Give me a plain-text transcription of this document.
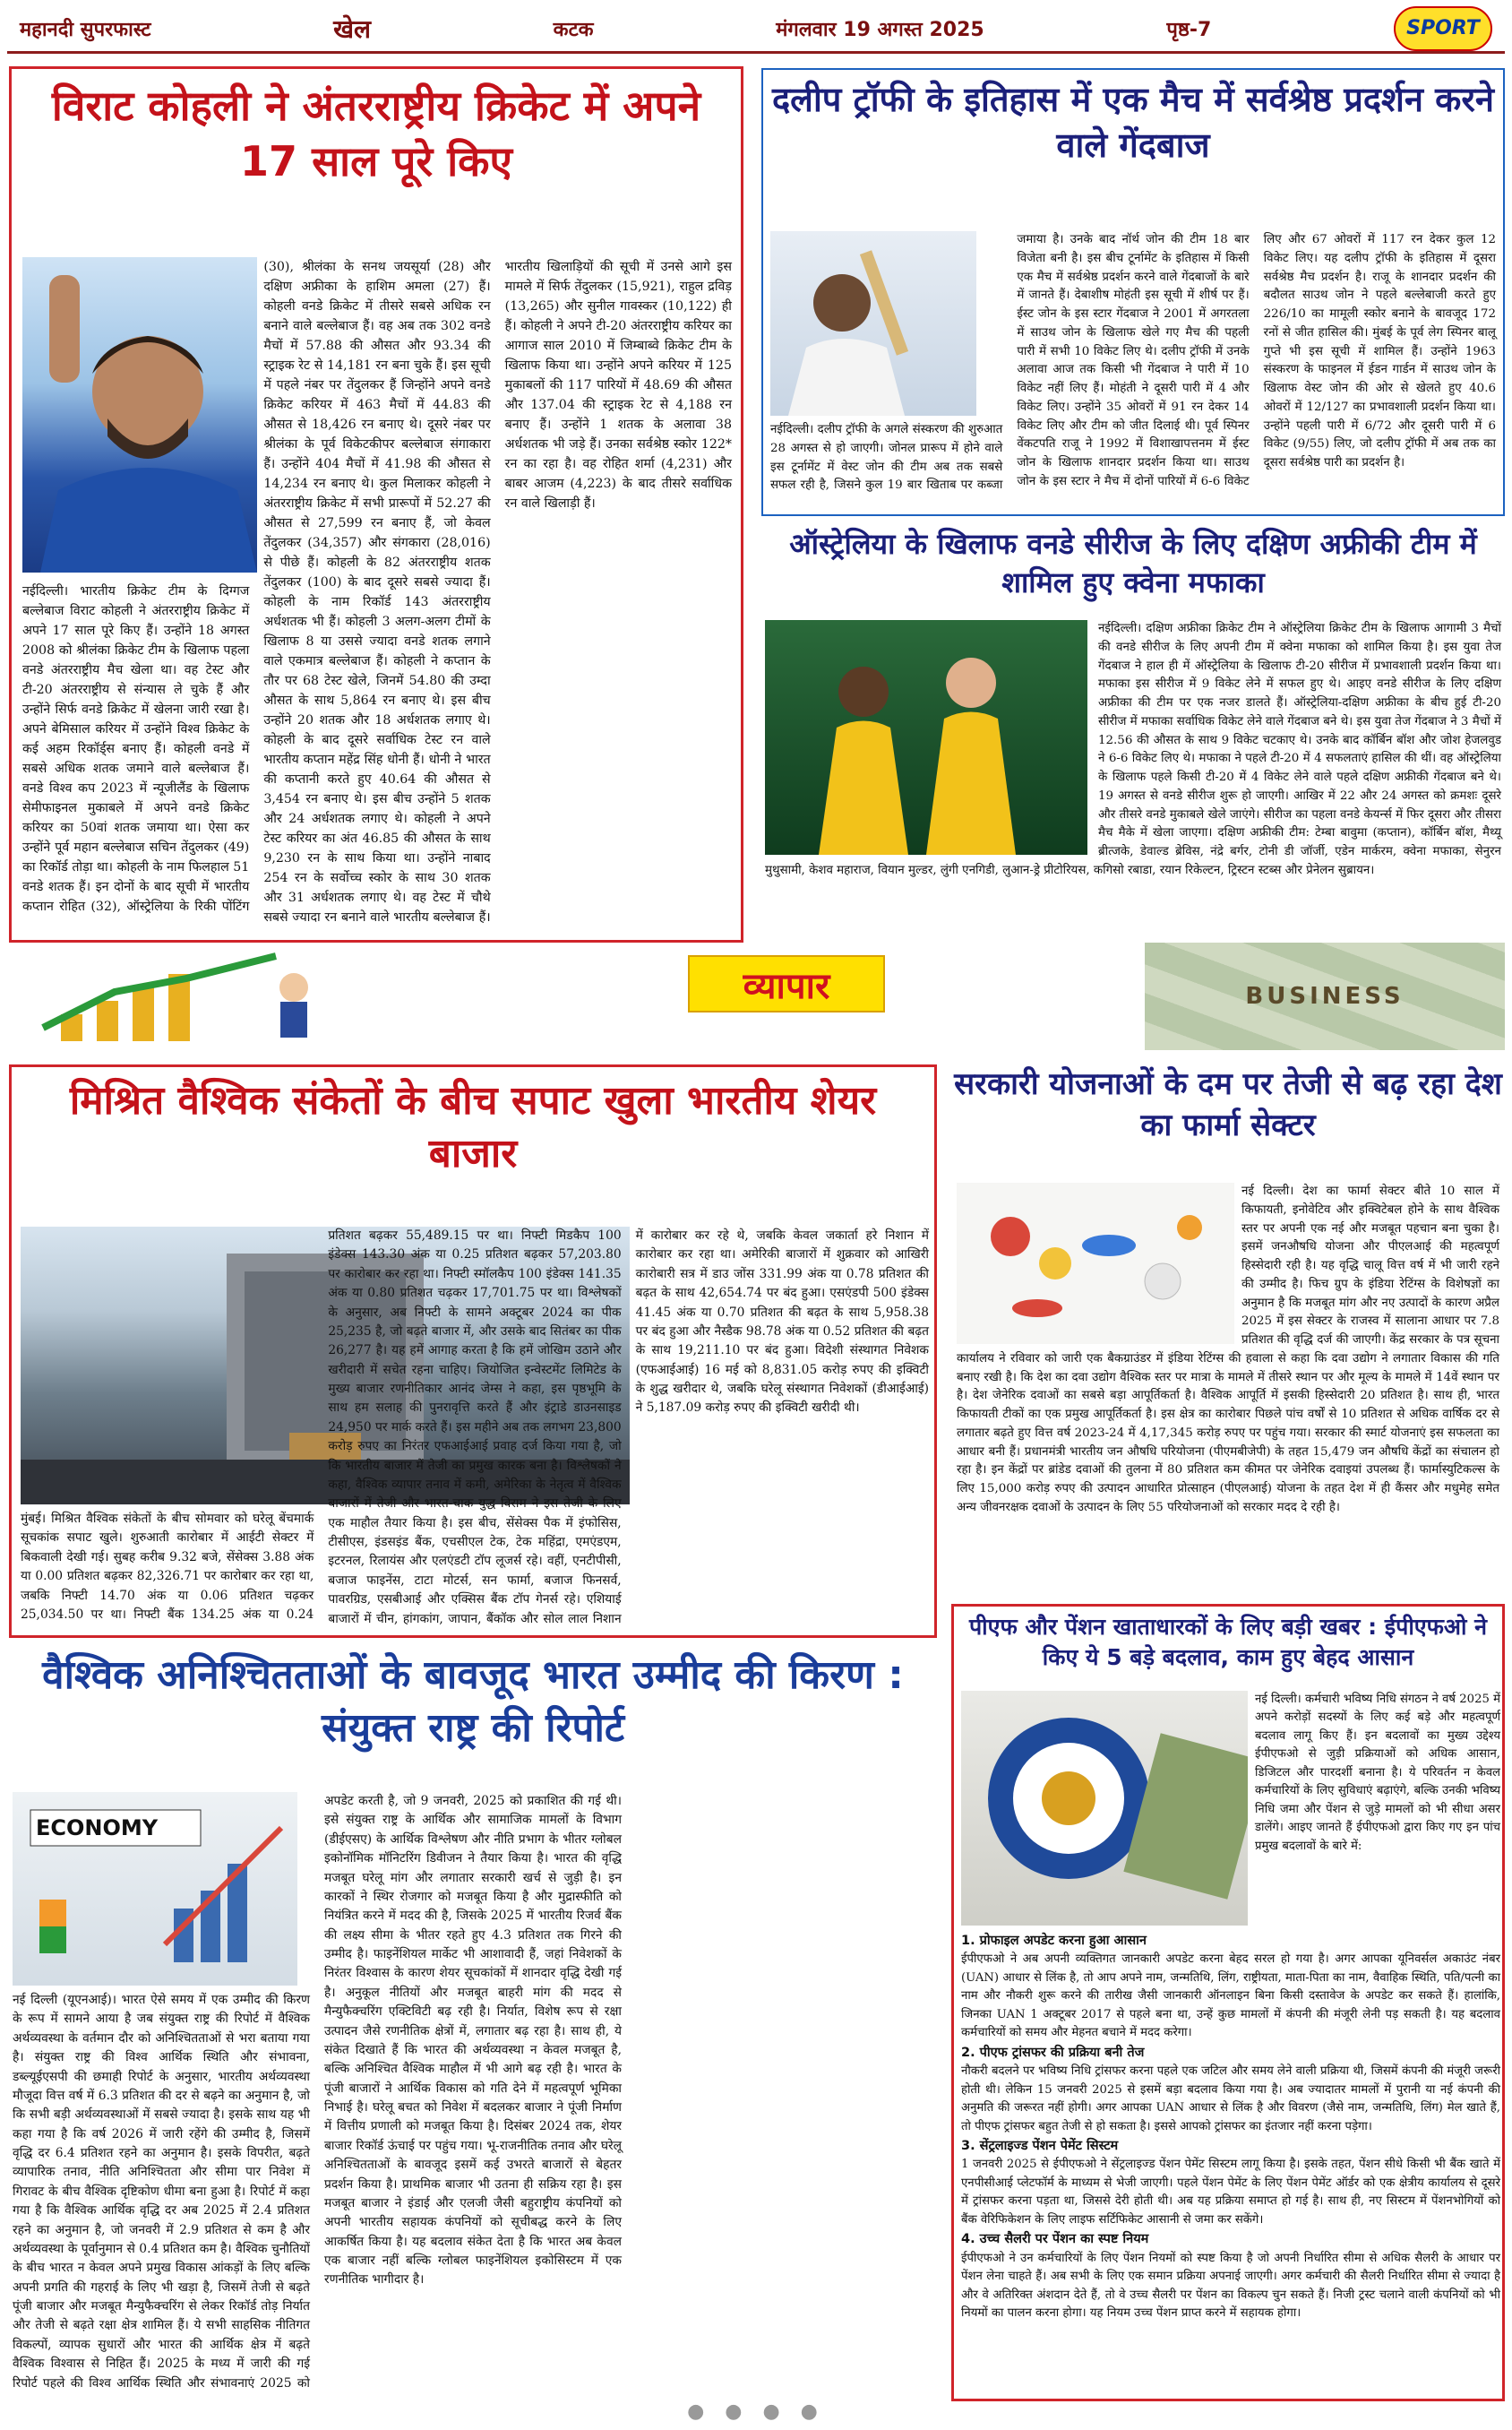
महानदी सुपरफास्ट	खेल	कटक	मंगलवार 19 अगस्त 2025	पृष्ठ-7	SPORT
विराट कोहली ने अंतरराष्ट्रीय क्रिकेट में अपने 17 साल पूरे किए

नईदिल्ली। भारतीय क्रिकेट टीम के दिग्गज बल्लेबाज विराट कोहली ने अंतरराष्ट्रीय क्रिकेट में अपने 17 साल पूरे किए हैं। उन्होंने 18 अगस्त 2008 को श्रीलंका क्रिकेट टीम के खिलाफ पहला वनडे अंतरराष्ट्रीय मैच खेला था। वह टेस्ट और टी-20 अंतरराष्ट्रीय से संन्यास ले चुके हैं और उन्होंने सिर्फ वनडे क्रिकेट में खेलना जारी रखा है। अपने बेमिसाल करियर में उन्होंने विश्व क्रिकेट के कई अहम रिकॉर्ड्स बनाए हैं। कोहली वनडे में सबसे अधिक शतक जमाने वाले बल्लेबाज हैं। वनडे विश्व कप 2023 में न्यूजीलैंड के खिलाफ सेमीफाइनल मुकाबले में अपने वनडे क्रिकेट करियर का 50वां शतक जमाया था। ऐसा कर उन्होंने पूर्व महान बल्लेबाज सचिन तेंदुलकर (49) का रिकॉर्ड तोड़ा था। कोहली के नाम फिलहाल 51 वनडे शतक हैं। इन दोनों के बाद सूची में भारतीय कप्तान रोहित (32), ऑस्ट्रेलिया के रिकी पोंटिंग (30), श्रीलंका के सनथ जयसूर्या (28) और दक्षिण अफ्रीका के हाशिम अमला (27) हैं। कोहली वनडे क्रिकेट में तीसरे सबसे अधिक रन बनाने वाले बल्लेबाज हैं। वह अब तक 302 वनडे मैचों में 57.88 की औसत और 93.34 की स्ट्राइक रेट से 14,181 रन बना चुके हैं। इस सूची में पहले नंबर पर तेंदुलकर हैं जिन्होंने अपने वनडे क्रिकेट करियर में 463 मैचों में 44.83 की औसत से 18,426 रन बनाए थे। दूसरे नंबर पर श्रीलंका के पूर्व विकेटकीपर बल्लेबाज संगाकारा हैं। उन्होंने 404 मैचों में 41.98 की औसत से 14,234 रन बनाए थे। कुल मिलाकर कोहली ने अंतरराष्ट्रीय क्रिकेट में सभी प्रारूपों में 52.27 की औसत से 27,599 रन बनाए हैं, जो केवल तेंदुलकर (34,357) और संगकारा (28,016) से पीछे हैं। कोहली के 82 अंतरराष्ट्रीय शतक तेंदुलकर (100) के बाद दूसरे सबसे ज्यादा हैं। कोहली के नाम रिकॉर्ड 143 अंतरराष्ट्रीय अर्धशतक भी हैं। कोहली 3 अलग-अलग टीमों के खिलाफ 8 या उससे ज्यादा वनडे शतक लगाने वाले एकमात्र बल्लेबाज हैं। कोहली ने कप्तान के तौर पर 68 टेस्ट खेले, जिनमें 54.80 की उम्दा औसत के साथ 5,864 रन बनाए थे। इस बीच उन्होंने 20 शतक और 18 अर्धशतक लगाए थे। कोहली के बाद दूसरे सर्वाधिक टेस्ट रन वाले भारतीय कप्तान महेंद्र सिंह धोनी हैं। धोनी ने भारत की कप्तानी करते हुए 40.64 की औसत से 3,454 रन बनाए थे। इस बीच उन्होंने 5 शतक और 24 अर्धशतक लगाए थे। कोहली ने अपने टेस्ट करियर का अंत 46.85 की औसत के साथ 9,230 रन के साथ किया था। उन्होंने नाबाद 254 रन के सर्वोच्च स्कोर के साथ 30 शतक और 31 अर्धशतक लगाए थे। वह टेस्ट में चौथे सबसे ज्यादा रन बनाने वाले भारतीय बल्लेबाज हैं। भारतीय खिलाड़ियों की सूची में उनसे आगे इस मामले में सिर्फ तेंदुलकर (15,921), राहुल द्रविड़ (13,265) और सुनील गावस्कर (10,122) ही हैं। कोहली ने अपने टी-20 अंतरराष्ट्रीय करियर का आगाज साल 2010 में जिम्बाब्वे क्रिकेट टीम के खिलाफ किया था। उन्होंने अपने करियर में 125 मुकाबलों की 117 पारियों में 48.69 की औसत और 137.04 की स्ट्राइक रेट से 4,188 रन बनाए हैं। उन्होंने 1 शतक के अलावा 38 अर्धशतक भी जड़े हैं। उनका सर्वश्रेष्ठ स्कोर 122* रन का रहा है। वह रोहित शर्मा (4,231) और बाबर आजम (4,223) के बाद तीसरे सर्वाधिक रन वाले खिलाड़ी हैं।

दलीप ट्रॉफी के इतिहास में एक मैच में सर्वश्रेष्ठ प्रदर्शन करने वाले गेंदबाज

नईदिल्ली। दलीप ट्रॉफी के अगले संस्करण की शुरुआत 28 अगस्त से हो जाएगी। जोनल प्रारूप में होने वाले इस टूर्नामेंट में वेस्ट जोन की टीम अब तक सबसे सफल रही है, जिसने कुल 19 बार खिताब पर कब्जा जमाया है। उनके बाद नॉर्थ जोन की टीम 18 बार विजेता बनी है। इस बीच टूर्नामेंट के इतिहास में किसी एक मैच में सर्वश्रेष्ठ प्रदर्शन करने वाले गेंदबाजों के बारे में जानते हैं। देबाशीष मोहंती इस सूची में शीर्ष पर हैं। ईस्ट जोन के इस स्टार गेंदबाज ने 2001 में अगरतला में साउथ जोन के खिलाफ खेले गए मैच की पहली पारी में सभी 10 विकेट लिए थे। दलीप ट्रॉफी में उनके अलावा आज तक किसी भी गेंदबाज ने पारी में 10 विकेट नहीं लिए हैं। मोहंती ने दूसरी पारी में 4 और विकेट लिए। उन्होंने 35 ओवरों में 91 रन देकर 14 विकेट लिए और टीम को जीत दिलाई थी। पूर्व स्पिनर वेंकटपति राजू ने 1992 में विशाखापत्तनम में ईस्ट जोन के खिलाफ शानदार प्रदर्शन किया था। साउथ जोन के इस स्टार ने मैच में दोनों पारियों में 6-6 विकेट लिए और 67 ओवरों में 117 रन देकर कुल 12 विकेट लिए। यह दलीप ट्रॉफी के इतिहास में दूसरा सर्वश्रेष्ठ मैच प्रदर्शन है। राजू के शानदार प्रदर्शन की बदौलत साउथ जोन ने पहले बल्लेबाजी करते हुए 226/10 का मामूली स्कोर बनाने के बावजूद 172 रनों से जीत हासिल की। मुंबई के पूर्व लेग स्पिनर बालू गुप्ते भी इस सूची में शामिल हैं। उन्होंने 1963 संस्करण के फाइनल में ईडन गार्डन में साउथ जोन के खिलाफ वेस्ट जोन की ओर से खेलते हुए 40.6 ओवरों में 12/127 का प्रभावशाली प्रदर्शन किया था। उन्होंने पहली पारी में 6/72 और दूसरी पारी में 6 विकेट (9/55) लिए, जो दलीप ट्रॉफी में अब तक का दूसरा सर्वश्रेष्ठ पारी का प्रदर्शन है।

ऑस्ट्रेलिया के खिलाफ वनडे सीरीज के लिए दक्षिण अफ्रीकी टीम में शामिल हुए क्वेना मफाका

नईदिल्ली। दक्षिण अफ्रीका क्रिकेट टीम ने ऑस्ट्रेलिया क्रिकेट टीम के खिलाफ आगामी 3 मैचों की वनडे सीरीज के लिए अपनी टीम में क्वेना मफाका को शामिल किया है। इस युवा तेज गेंदबाज ने हाल ही में ऑस्ट्रेलिया के खिलाफ टी-20 सीरीज में प्रभावशाली प्रदर्शन किया था। मफाका इस सीरीज में 9 विकेट लेने में सफल हुए थे। आइए वनडे सीरीज के लिए दक्षिण अफ्रीका की टीम पर एक नजर डालते हैं। ऑस्ट्रेलिया-दक्षिण अफ्रीका के बीच हुई टी-20 सीरीज में मफाका सर्वाधिक विकेट लेने वाले गेंदबाज बने थे। इस युवा तेज गेंदबाज ने 3 मैचों में 12.56 की औसत के साथ 9 विकेट चटकाए थे। उनके बाद कॉर्बिन बॉश और जोश हेजलवुड ने 6-6 विकेट लिए थे। मफाका ने पहले टी-20 में 4 सफलताएं हासिल की थीं। वह ऑस्ट्रेलिया के खिलाफ पहले किसी टी-20 में 4 विकेट लेने वाले पहले दक्षिण अफ्रीकी गेंदबाज बने थे। 19 अगस्त से वनडे सीरीज शुरू हो जाएगी। आखिर में 22 और 24 अगस्त को क्रमशः दूसरे और तीसरे वनडे मुकाबले खेले जाएंगे। सीरीज का पहला वनडे केयर्न्स में फिर दूसरा और तीसरा मैच मैके में खेला जाएगा। दक्षिण अफ्रीकी टीम: टेम्बा बावुमा (कप्तान), कॉर्बिन बॉश, मैथ्यू ब्रीत्जके, डेवाल्ड ब्रेविस, नंद्रे बर्गर, टोनी डी जॉर्जी, एडेन मार्करम, क्वेना मफाका, सेनुरन मुथुसामी, केशव महाराज, वियान मुल्डर, लुंगी एनगिडी, लुआन-ड्रे प्रीटोरियस, कगिसो रबाडा, रयान रिकेल्टन, ट्रिस्टन स्टब्स और प्रेनेलन सुब्रायन।

व्यापार	BUSINESS
मिश्रित वैश्विक संकेतों के बीच सपाट खुला भारतीय शेयर बाजार

मुंबई। मिश्रित वैश्विक संकेतों के बीच सोमवार को घरेलू बेंचमार्क सूचकांक सपाट खुले। शुरुआती कारोबार में आईटी सेक्टर में बिकवाली देखी गई। सुबह करीब 9.32 बजे, सेंसेक्स 3.88 अंक या 0.00 प्रतिशत बढ़कर 82,326.71 पर कारोबार कर रहा था, जबकि निफ्टी 14.70 अंक या 0.06 प्रतिशत चढ़कर 25,034.50 पर था। निफ्टी बैंक 134.25 अंक या 0.24 प्रतिशत बढ़कर 55,489.15 पर था। निफ्टी मिडकैप 100 इंडेक्स 143.30 अंक या 0.25 प्रतिशत बढ़कर 57,203.80 पर कारोबार कर रहा था। निफ्टी स्मॉलकैप 100 इंडेक्स 141.35 अंक या 0.80 प्रतिशत चढ़कर 17,701.75 पर था। विश्लेषकों के अनुसार, अब निफ्टी के सामने अक्टूबर 2024 का पीक 25,235 है, जो बढ़ते बाजार में, और उसके बाद सितंबर का पीक 26,277 है। यह हमें आगाह करता है कि हमें जोखिम उठाने और खरीदारी में सचेत रहना चाहिए। जियोजित इन्वेस्टमेंट लिमिटेड के मुख्य बाजार रणनीतिकार आनंद जेम्स ने कहा, इस पृष्ठभूमि के साथ हम सलाह की पुनरावृत्ति करते हैं और इंट्राडे डाउनसाइड 24,950 पर मार्क करते हैं। इस महीने अब तक लगभग 23,800 करोड़ रुपए का निरंतर एफआईआई प्रवाह दर्ज किया गया है, जो कि भारतीय बाजार में तेजी का प्रमुख कारक बना है। विश्लेषकों ने कहा, वैश्विक व्यापार तनाव में कमी, अमेरिका के नेतृत्व में वैश्विक बाजारों में तेजी और भारत-चाक युद्ध विराम ने इस तेजी के लिए एक माहौल तैयार किया है। इस बीच, सेंसेक्स पैक में इंफोसिस, टीसीएस, इंडसइंड बैंक, एचसीएल टेक, टेक महिंद्रा, एमएंडएम, इटरनल, रिलायंस और एलएंडटी टॉप लूजर्स रहे। वहीं, एनटीपीसी, बजाज फाइनेंस, टाटा मोटर्स, सन फार्मा, बजाज फिनसर्व, पावरग्रिड, एसबीआई और एक्सिस बैंक टॉप गेनर्स रहे। एशियाई बाजारों में चीन, हांगकांग, जापान, बैंकॉक और सोल लाल निशान में कारोबार कर रहे थे, जबकि केवल जकार्ता हरे निशान में कारोबार कर रहा था। अमेरिकी बाजारों में शुक्रवार को आखिरी कारोबारी सत्र में डाउ जोंस 331.99 अंक या 0.78 प्रतिशत की बढ़त के साथ 42,654.74 पर बंद हुआ। एसएंडपी 500 इंडेक्स 41.45 अंक या 0.70 प्रतिशत की बढ़त के साथ 5,958.38 पर बंद हुआ और नैस्डैक 98.78 अंक या 0.52 प्रतिशत की बढ़त के साथ 19,211.10 पर बंद हुआ। विदेशी संस्थागत निवेशक (एफआईआई) 16 मई को 8,831.05 करोड़ रुपए की इक्विटी के शुद्ध खरीदार थे, जबकि घरेलू संस्थागत निवेशकों (डीआईआई) ने 5,187.09 करोड़ रुपए की इक्विटी खरीदी थी।

सरकारी योजनाओं के दम पर तेजी से बढ़ रहा देश का फार्मा सेक्टर

नई दिल्ली। देश का फार्मा सेक्टर बीते 10 साल में किफायती, इनोवेटिव और इक्विटेबल होने के साथ वैश्विक स्तर पर अपनी एक नई और मजबूत पहचान बना चुका है। इसमें जनऔषधि योजना और पीएलआई की महत्वपूर्ण हिस्सेदारी रही है। यह वृद्धि चालू वित्त वर्ष में भी जारी रहने की उम्मीद है। फिच ग्रुप के इंडिया रेटिंग्स के विशेषज्ञों का अनुमान है कि मजबूत मांग और नए उत्पादों के कारण अप्रैल 2025 में इस सेक्टर के राजस्व में सालाना आधार पर 7.8 प्रतिशत की वृद्धि दर्ज की जाएगी। केंद्र सरकार के पत्र सूचना कार्यालय ने रविवार को जारी एक बैकग्राउंडर में इंडिया रेटिंग्स की हवाला से कहा कि दवा उद्योग ने लगातार विकास की गति बनाए रखी है। कि देश का दवा उद्योग वैश्विक स्तर पर मात्रा के मामले में तीसरे स्थान पर और मूल्य के मामले में 14वें स्थान पर है। देश जेनेरिक दवाओं का सबसे बड़ा आपूर्तिकर्ता है। वैश्विक आपूर्ति में इसकी हिस्सेदारी 20 प्रतिशत है। साथ ही, भारत किफायती टीकों का एक प्रमुख आपूर्तिकर्ता है। इस क्षेत्र का कारोबार पिछले पांच वर्षों से 10 प्रतिशत से अधिक वार्षिक दर से लगातार बढ़ते हुए वित्त वर्ष 2023-24 में 4,17,345 करोड़ रुपए पर पहुंच गया। सरकार की स्मार्ट योजनाएं इस सफलता का आधार बनी हैं। प्रधानमंत्री भारतीय जन औषधि परियोजना (पीएमबीजेपी) के तहत 15,479 जन औषधि केंद्रों का संचालन हो रहा है। इन केंद्रों पर ब्रांडेड दवाओं की तुलना में 80 प्रतिशत कम कीमत पर जेनेरिक दवाइयां उपलब्ध हैं। फार्मास्युटिकल्स के लिए 15,000 करोड़ रुपए की उत्पादन आधारित प्रोत्साहन (पीएलआई) योजना के तहत देश में ही कैंसर और मधुमेह समेत अन्य जीवनरक्षक दवाओं के उत्पादन के लिए 55 परियोजनाओं को सरकार मदद दे रही है।

पीएफ और पेंशन खाताधारकों के लिए बड़ी खबर : ईपीएफओ ने किए ये 5 बड़े बदलाव, काम हुए बेहद आसान

नई दिल्ली। कर्मचारी भविष्य निधि संगठन ने वर्ष 2025 में अपने करोड़ों सदस्यों के लिए कई बड़े और महत्वपूर्ण बदलाव लागू किए हैं। इन बदलावों का मुख्य उद्देश्य ईपीएफओ से जुड़ी प्रक्रियाओं को अधिक आसान, डिजिटल और पारदर्शी बनाना है। ये परिवर्तन न केवल कर्मचारियों के लिए सुविधाएं बढ़ाएंगे, बल्कि उनकी भविष्य निधि जमा और पेंशन से जुड़े मामलों को भी सीधा असर डालेंगे। आइए जानते हैं ईपीएफओ द्वारा किए गए इन पांच प्रमुख बदलावों के बारे में:

1. प्रोफाइल अपडेट करना हुआ आसान

ईपीएफओ ने अब अपनी व्यक्तिगत जानकारी अपडेट करना बेहद सरल हो गया है। अगर आपका यूनिवर्सल अकाउंट नंबर (UAN) आधार से लिंक है, तो आप अपने नाम, जन्मतिथि, लिंग, राष्ट्रीयता, माता-पिता का नाम, वैवाहिक स्थिति, पति/पत्नी का नाम और नौकरी शुरू करने की तारीख जैसी जानकारी ऑनलाइन बिना किसी दस्तावेज के अपडेट कर सकते हैं। हालांकि, जिनका UAN 1 अक्टूबर 2017 से पहले बना था, उन्हें कुछ मामलों में कंपनी की मंजूरी लेनी पड़ सकती है। यह बदलाव कर्मचारियों को समय और मेहनत बचाने में मदद करेगा।

2. पीएफ ट्रांसफर की प्रक्रिया बनी तेज

नौकरी बदलने पर भविष्य निधि ट्रांसफर करना पहले एक जटिल और समय लेने वाली प्रक्रिया थी, जिसमें कंपनी की मंजूरी जरूरी होती थी। लेकिन 15 जनवरी 2025 से इसमें बड़ा बदलाव किया गया है। अब ज्यादातर मामलों में पुरानी या नई कंपनी की अनुमति की जरूरत नहीं होगी। अगर आपका UAN आधार से लिंक है और विवरण (जैसे नाम, जन्मतिथि, लिंग) मेल खाते हैं, तो पीएफ ट्रांसफर बहुत तेजी से हो सकता है। इससे आपको ट्रांसफर का इंतजार नहीं करना पड़ेगा।

3. सेंट्रलाइज्ड पेंशन पेमेंट सिस्टम

1 जनवरी 2025 से ईपीएफओ ने सेंट्रलाइज्ड पेंशन पेमेंट सिस्टम लागू किया है। इसके तहत, पेंशन सीधे किसी भी बैंक खाते में एनपीसीआई प्लेटफॉर्म के माध्यम से भेजी जाएगी। पहले पेंशन पेमेंट के लिए पेंशन पेमेंट ऑर्डर को एक क्षेत्रीय कार्यालय से दूसरे में ट्रांसफर करना पड़ता था, जिससे देरी होती थी। अब यह प्रक्रिया समाप्त हो गई है। साथ ही, नए सिस्टम में पेंशनभोगियों को बैंक वेरिफिकेशन के लिए लाइफ सर्टिफिकेट आसानी से जमा कर सकेंगे।

4. उच्च सैलरी पर पेंशन का स्पष्ट नियम

ईपीएफओ ने उन कर्मचारियों के लिए पेंशन नियमों को स्पष्ट किया है जो अपनी निर्धारित सीमा से अधिक सैलरी के आधार पर पेंशन लेना चाहते हैं। अब सभी के लिए एक समान प्रक्रिया अपनाई जाएगी। अगर कर्मचारी की सैलरी निर्धारित सीमा से ज्यादा है और वे अतिरिक्त अंशदान देते हैं, तो वे उच्च सैलरी पर पेंशन का विकल्प चुन सकते हैं। निजी ट्रस्ट चलाने वाली कंपनियों को भी नियमों का पालन करना होगा। यह नियम उच्च पेंशन प्राप्त करने में सहायक होगा।

वैश्विक अनिश्चितताओं के बावजूद भारत उम्मीद की किरण : संयुक्त राष्ट्र की रिपोर्ट
ECONOMY

नई दिल्ली (यूएनआई)। भारत ऐसे समय में एक उम्मीद की किरण के रूप में सामने आया है जब संयुक्त राष्ट्र की रिपोर्ट में वैश्विक अर्थव्यवस्था के वर्तमान दौर को अनिश्चितताओं से भरा बताया गया है। संयुक्त राष्ट्र की विश्व आर्थिक स्थिति और संभावना, डब्ल्यूईएसपी की छमाही रिपोर्ट के अनुसार, भारतीय अर्थव्यवस्था मौजूदा वित्त वर्ष में 6.3 प्रतिशत की दर से बढ़ने का अनुमान है, जो कि सभी बड़ी अर्थव्यवस्थाओं में सबसे ज्यादा है। इसके साथ यह भी कहा गया है कि वर्ष 2026 में जारी रहेंगे की उम्मीद है, जिसमें वृद्धि दर 6.4 प्रतिशत रहने का अनुमान है। इसके विपरीत, बढ़ते व्यापारिक तनाव, नीति अनिश्चितता और सीमा पार निवेश में गिरावट के बीच वैश्विक दृष्टिकोण धीमा बना हुआ है। रिपोर्ट में कहा गया है कि वैश्विक आर्थिक वृद्धि दर अब 2025 में 2.4 प्रतिशत रहने का अनुमान है, जो जनवरी में 2.9 प्रतिशत से कम है और अर्थव्यवस्था के पूर्वानुमान से 0.4 प्रतिशत कम है। वैश्विक चुनौतियों के बीच भारत न केवल अपने प्रमुख विकास आंकड़ों के लिए बल्कि अपनी प्रगति की गहराई के लिए भी खड़ा है, जिसमें तेजी से बढ़ते पूंजी बाजार और मजबूत मैन्युफैक्चरिंग से लेकर रिकॉर्ड तोड़ निर्यात और तेजी से बढ़ते रक्षा क्षेत्र शामिल हैं। ये सभी साहसिक नीतिगत विकल्पों, व्यापक सुधारों और भारत की आर्थिक क्षेत्र में बढ़ते वैश्विक विश्वास से निहित हैं। 2025 के मध्य में जारी की गई रिपोर्ट पहले की विश्व आर्थिक स्थिति और संभावनाएं 2025 को अपडेट करती है, जो 9 जनवरी, 2025 को प्रकाशित की गई थी। इसे संयुक्त राष्ट्र के आर्थिक और सामाजिक मामलों के विभाग (डीईएसए) के आर्थिक विश्लेषण और नीति प्रभाग के भीतर ग्लोबल इकोनॉमिक मॉनिटरिंग डिवीजन ने तैयार किया है। भारत की वृद्धि मजबूत घरेलू मांग और लगातार सरकारी खर्च से जुड़ी है। इन कारकों ने स्थिर रोजगार को मजबूत किया है और मुद्रास्फीति को नियंत्रित करने में मदद की है, जिसके 2025 में भारतीय रिजर्व बैंक की लक्ष्य सीमा के भीतर रहते हुए 4.3 प्रतिशत तक गिरने की उम्मीद है। फाइनेंशियल मार्केट भी आशावादी हैं, जहां निवेशकों के निरंतर विश्वास के कारण शेयर सूचकांकों में शानदार वृद्धि देखी गई है। अनुकूल नीतियों और मजबूत बाहरी मांग की मदद से मैन्युफैक्चरिंग एक्टिविटी बढ़ रही है। निर्यात, विशेष रूप से रक्षा उत्पादन जैसे रणनीतिक क्षेत्रों में, लगातार बढ़ रहा है। साथ ही, ये संकेत दिखाते हैं कि भारत की अर्थव्यवस्था न केवल मजबूत है, बल्कि अनिश्चित वैश्विक माहौल में भी आगे बढ़ रही है। भारत के पूंजी बाजारों ने आर्थिक विकास को गति देने में महत्वपूर्ण भूमिका निभाई है। घरेलू बचत को निवेश में बदलकर बाजार ने पूंजी निर्माण में वित्तीय प्रणाली को मजबूत किया है। दिसंबर 2024 तक, शेयर बाजार रिकॉर्ड ऊंचाई पर पहुंच गया। भू-राजनीतिक तनाव और घरेलू अनिश्चितताओं के बावजूद इसमें कई उभरते बाजारों से बेहतर प्रदर्शन किया है। प्राथमिक बाजार भी उतना ही सक्रिय रहा है। इस मजबूत बाजार ने इंडाई और एलजी जैसी बहुराष्ट्रीय कंपनियों को अपनी भारतीय सहायक कंपनियों को सूचीबद्ध करने के लिए आकर्षित किया है। यह बदलाव संकेत देता है कि भारत अब केवल एक बाजार नहीं बल्कि ग्लोबल फाइनेंशियल इकोसिस्टम में एक रणनीतिक भागीदार है।

● ● ● ●
